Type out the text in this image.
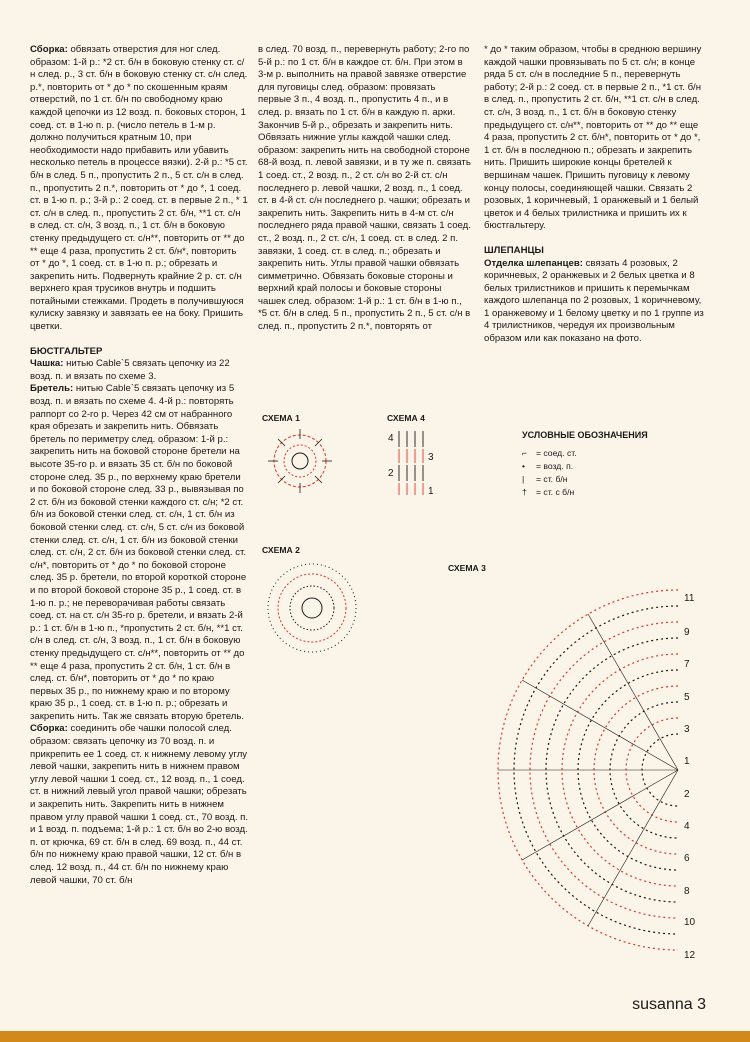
Сборка: обвязать отверстия для ног след. образом: 1-й р.: *2 ст. б/н в боковую стенку ст. с/н след. р., 3 ст. б/н в боковую стенку ст. с/н след. р.*, повторить от * до * по скошенным краям отверстий, по 1 ст. б/н по свободному краю каждой цепочки из 12 возд. п. боковых сторон, 1 соед. ст. в 1-ю п. р. (число петель в 1-м р. должно получиться кратным 10, при необходимости надо прибавить или убавить несколько петель в процессе вязки). 2-й р.: *5 ст. б/н в след. 5 п., пропустить 2 п., 5 ст. с/н в след. п., пропустить 2 п.*, повторить от * до *, 1 соед. ст. в 1-ю п. р.; 3-й р.: 2 соед. ст. в первые 2 п., * 1 ст. с/н в след. п., пропустить 2 ст. б/н, **1 ст. с/н в след. ст. с/н, 3 возд. п., 1 ст. б/н в боковую стенку предыдущего ст. с/н**, повторить от ** до ** еще 4 раза, пропустить 2 ст. б/н*, повторить от * до *, 1 соед. ст. в 1-ю п. р.; обрезать и закрепить нить. Подвернуть крайние 2 р. ст. с/н верхнего края трусиков внутрь и подшить потайными стежками. Продеть в получившуюся кулиску завязку и завязать ее на боку. Пришить цветки.

БЮСТГАЛЬТЕР

Чашка: нитью Cable`5 связать цепочку из 22 возд. п. и вязать по схеме 3.

Бретель: нитью Cable`5 связать цепочку из 5 возд. п. и вязать по схеме 4. 4-й р.: повторять раппорт со 2-го р. Через 42 см от набранного края обрезать и закрепить нить. Обвязать бретель по периметру след. образом: 1-й р.: закрепить нить на боковой стороне бретели на высоте 35-го р. и вязать 35 ст. б/н по боковой стороне след. 35 р., по верхнему краю бретели и по боковой стороне след. 33 р., вывязывая по 2 ст. б/н из боковой стенки каждого ст. с/н; *2 ст. б/н из боковой стенки след. ст. с/н, 1 ст. б/н из боковой стенки след. ст. с/н, 5 ст. с/н из боковой стенки след. ст. с/н, 1 ст. б/н из боковой стенки след. ст. с/н, 2 ст. б/н из боковой стенки след. ст. с/н*, повторить от * до * по боковой стороне след. 35 р. бретели, по второй короткой стороне и по второй боковой стороне 35 р., 1 соед. ст. в 1-ю п. р.; не переворачивая работы связать соед. ст. на ст. с/н 35-го р. бретели, и вязать 2-й р.: 1 ст. б/н в 1-ю п., *пропустить 2 ст. б/н, **1 ст. с/н в след. ст. с/н, 3 возд. п., 1 ст. б/н в боковую стенку предыдущего ст. с/н**, повторить от ** до ** еще 4 раза, пропустить 2 ст. б/н, 1 ст. б/н в след. ст. б/н*, повторить от * до * по краю первых 35 р., по нижнему краю и по второму краю 35 р., 1 соед. ст. в 1-ю п. р.; обрезать и закрепить нить. Так же связать вторую бретель.

Сборка: соединить обе чашки полосой след. образом: связать цепочку из 70 возд. п. и прикрепить ее 1 соед. ст. к нижнему левому углу левой чашки, закрепить нить в нижнем правом углу левой чашки 1 соед. ст., 12 возд. п., 1 соед. ст. в нижний левый угол правой чашки; обрезать и закрепить нить. Закрепить нить в нижнем правом углу правой чашки 1 соед. ст., 70 возд. п. и 1 возд. п. подъема; 1-й р.: 1 ст. б/н во 2-ю возд. п. от крючка, 69 ст. б/н в след. 69 возд. п., 44 ст. б/н по нижнему краю правой чашки, 12 ст. б/н в след. 12 возд. п., 44 ст. б/н по нижнему краю левой чашки, 70 ст. б/н

в след. 70 возд. п., перевернуть работу; 2-го по 5-й р.: по 1 ст. б/н в каждое ст. б/н. При этом в 3-м р. выполнить на правой завязке отверстие для пуговицы след. образом: провязать первые 3 п., 4 возд. п., пропустить 4 п., и в след. р. вязать по 1 ст. б/н в каждую п. арки. Закончив 5-й р., обрезать и закрепить нить. Обвязать нижние углы каждой чашки след. образом: закрепить нить на свободной стороне 68-й возд. п. левой завязки, и в ту же п. связать 1 соед. ст., 2 возд. п., 2 ст. с/н во 2-й ст. с/н последнего р. левой чашки, 2 возд. п., 1 соед. ст. в 4-й ст. с/н последнего р. чашки; обрезать и закрепить нить. Закрепить нить в 4-м ст. с/н последнего ряда правой чашки, связать 1 соед. ст., 2 возд. п., 2 ст. с/н, 1 соед. ст. в след. 2 п. завязки, 1 соед. ст. в след. п.; обрезать и закрепить нить. Углы правой чашки обвязать симметрично. Обвязать боковые стороны и верхний край полосы и боковые стороны чашек след. образом: 1-й р.: 1 ст. б/н в 1-ю п., *5 ст. б/н в след. 5 п., пропустить 2 п., 5 ст. с/н в след. п., пропустить 2 п.*, повторять от

* до * таким образом, чтобы в среднюю вершину каждой чашки провязывать по 5 ст. с/н; в конце ряда 5 ст. с/н в последние 5 п., перевернуть работу; 2-й р.: 2 соед. ст. в первые 2 п., *1 ст. б/н в след. п., пропустить 2 ст. б/н, **1 ст. с/н в след. ст. с/н, 3 возд. п., 1 ст. б/н в боковую стенку предыдущего ст. с/н**, повторить от ** до ** еще 4 раза, пропустить 2 ст. б/н*, повторить от * до *, 1 ст. б/н в последнюю п.; обрезать и закрепить нить. Пришить широкие концы бретелей к вершинам чашек. Пришить пуговицу к левому концу полосы, соединяющей чашки. Связать 2 розовых, 1 коричневый, 1 оранжевый и 1 белый цветок и 4 белых трилистника и пришить их к бюстгальтеру.

ШЛЕПАНЦЫ

Отделка шлепанцев: связать 4 розовых, 2 коричневых, 2 оранжевых и 2 белых цветка и 8 белых трилистников и пришить к перемычкам каждого шлепанца по 2 розовых, 1 коричневому, 1 оранжевому и 1 белому цветку и по 1 группе из 4 трилистников, чередуя их произвольным образом или как показано на фото.

СХЕМА 1	СХЕМА 4
СХЕМА 2
СХЕМА 3
4
3
2
1
11
9
7
5
3
1
2
4
6
8
10
12
УСЛОВНЫЕ ОБОЗНАЧЕНИЯ
⌐	= соед. ст.
•	= возд. п.
|	= ст. б/н
†	= ст. с б/н
susanna 3
